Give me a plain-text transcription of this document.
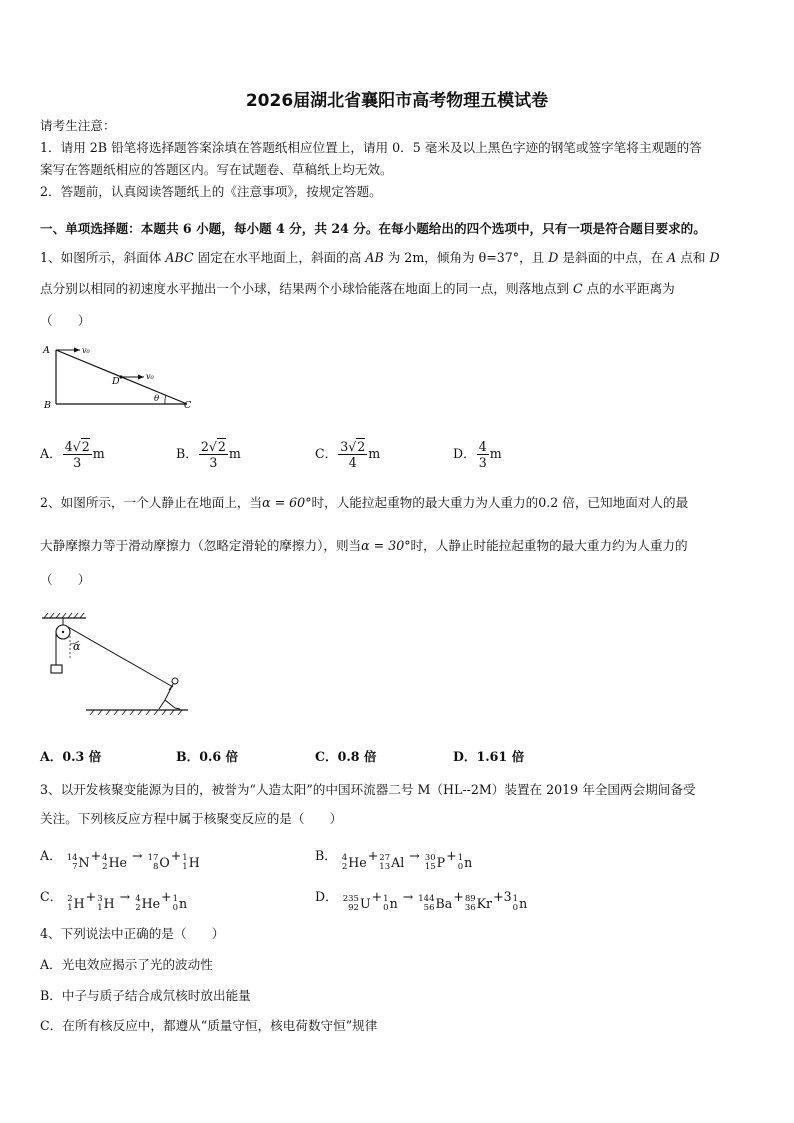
2026届湖北省襄阳市高考物理五模试卷
请考生注意：
1．请用 2B 铅笔将选择题答案涂填在答题纸相应位置上，请用 0．5 毫米及以上黑色字迹的钢笔或签字笔将主观题的答
案写在答题纸相应的答题区内。写在试题卷、草稿纸上均无效。
2．答题前，认真阅读答题纸上的《注意事项》，按规定答题。
一、单项选择题：本题共 6 小题，每小题 4 分，共 24 分。在每小题给出的四个选项中，只有一项是符合题目要求的。
1、如图所示，斜面体 ABC 固定在水平地面上，斜面的高 AB 为 2m，倾角为 θ=37°，且 D 是斜面的中点，在 A 点和 D
点分别以相同的初速度水平抛出一个小球，结果两个小球恰能落在地面上的同一点，则落地点到 C 点的水平距离为
（　　）
A
B	C
D
v₀
v₀
θ
A． $\frac{4√2}{3}$ m	B． $\frac{2√2}{3}$ m	C． $\frac{3√2}{4}$ m	D． $\frac{4}{3}$ m
2、如图所示，一个人静止在地面上，当α = 60°时，人能拉起重物的最大重力为人重力的0.2 倍，已知地面对人的最
大静摩擦力等于滑动摩擦力（忽略定滑轮的摩擦力），则当α = 30°时，人静止时能拉起重物的最大重力约为人重力的
（　　）
α
A．0.3 倍	B．0.6 倍	C．0.8 倍	D．1.61 倍
3、以开发核聚变能源为目的，被誉为“人造太阳”的中国环流器二号 M（HL--2M）装置在 2019 年全国两会期间备受
关注。下列核反应方程中属于核聚变反应的是（　　）
A． 14
7 N + 4
2 He → 17
8 O + 1
1 H	B． 4
2 He + 27
13 Al → 30
15 P + 1
0 n
C． 2
1 H + 3
1 H → 4
2 He + 1
0 n	D． 235
92 U + 1
0 n → 144
56 Ba + 89
36 Kr +3 1
0 n
4、下列说法中正确的是（　　）
A．光电效应揭示了光的波动性
B．中子与质子结合成氘核时放出能量
C．在所有核反应中，都遵从“质量守恒，核电荷数守恒”规律
